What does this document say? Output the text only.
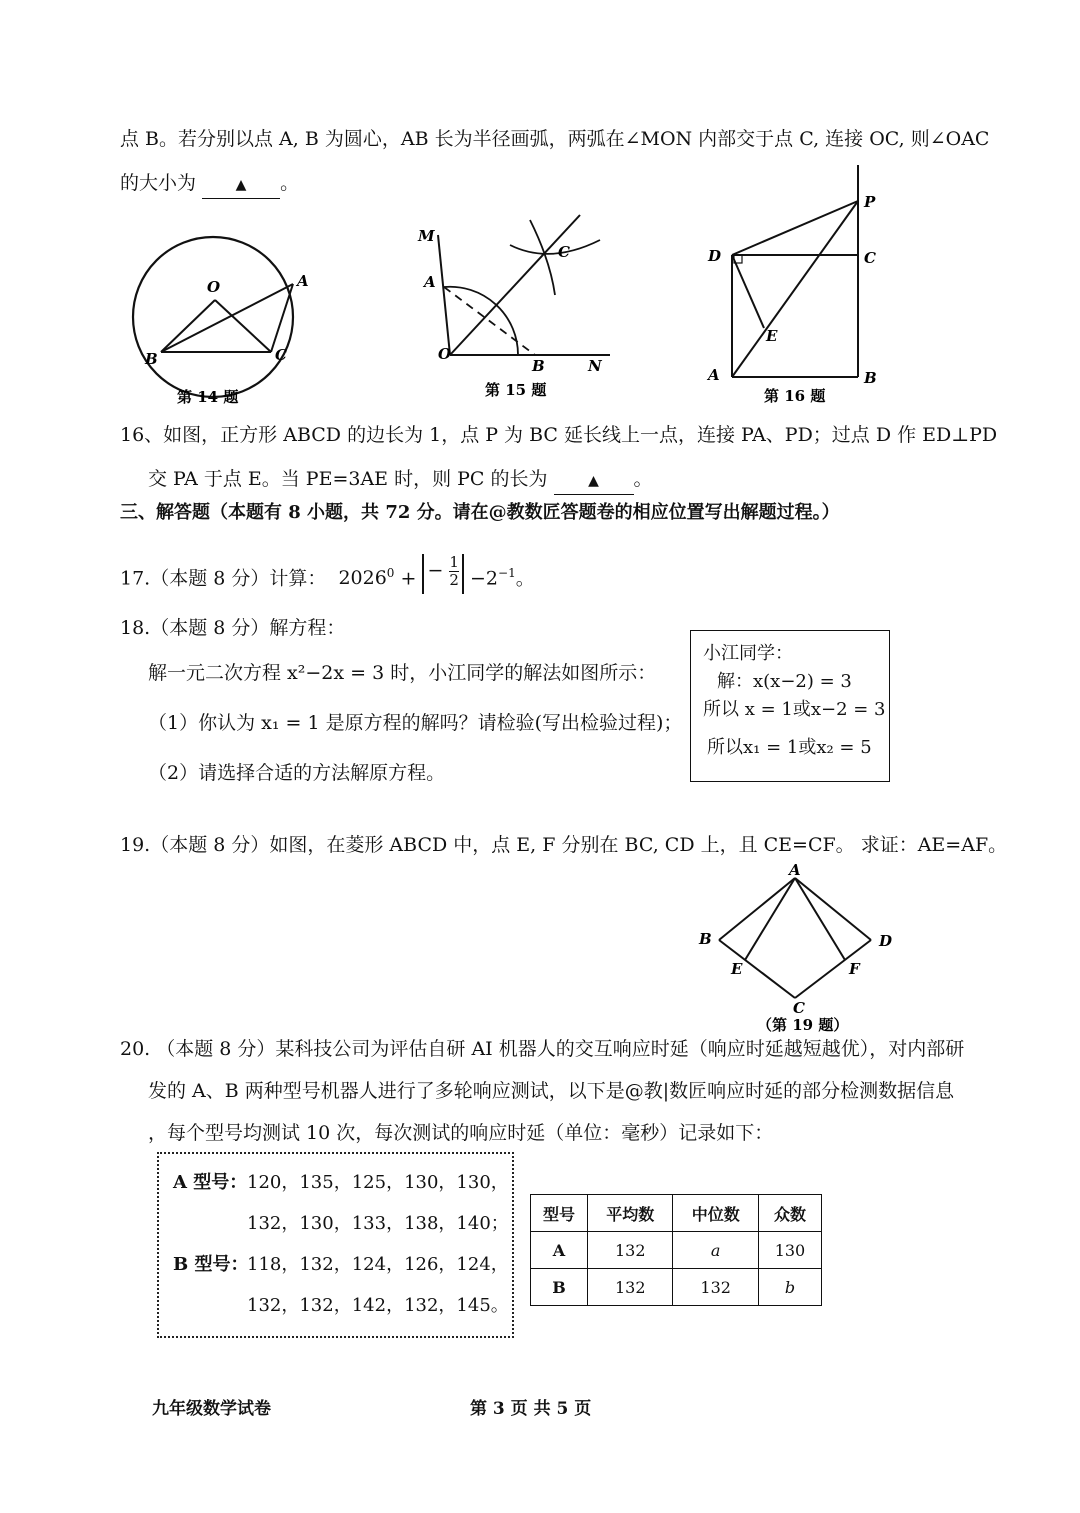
点 B。若分别以点 A, B 为圆心，AB 长为半径画弧，两弧在∠MON 内部交于点 C, 连接 OC, 则∠OAC
的大小为	▲ 。
O	A
B	C
第 14 题
M
A
C
O
B	N
第 15 题
D
P
C
E
A	B
第 16 题
16、如图，正方形 ABCD 的边长为 1，点 P 为 BC 延长线上一点，连接 PA、PD；过点 D 作 ED⊥PD
交 PA 于点 E。当 PE=3AE 时，则 PC 的长为	▲ 。
三、解答题（本题有 8 小题，共 72 分。请在@教数匠答题卷的相应位置写出解题过程。）
17.（本题 8 分）计算： $2026^0$ + − $\frac{1}{2} -2^{-1}$。
18.（本题 8 分）解方程：
解一元二次方程 x²−2x = 3 时，小江同学的解法如图所示：
（1）你认为 x₁ = 1 是原方程的解吗？请检验(写出检验过程)；
（2）请选择合适的方法解原方程。
小江同学：
解：x(x−2) = 3
所以 x = 1或x−2 = 3
所以x₁ = 1或x₂ = 5
19.（本题 8 分）如图，在菱形 ABCD 中，点 E, F 分别在 BC, CD 上，且 CE=CF。 求证：AE=AF。
A
B	D
E	F
C
（第 19 题）
20. （本题 8 分）某科技公司为评估自研 AI 机器人的交互响应时延（响应时延越短越优），对内部研
发的 A、B 两种型号机器人进行了多轮响应测试，以下是@教|数匠响应时延的部分检测数据信息
，每个型号均测试 10 次，每次测试的响应时延（单位：毫秒）记录如下：
A 型号： 120，135，125，130，130，
132，130，133，138，140；
B 型号：
118，132，124，126，124，
132，132，142，132，145。
型号	平均数	中位数	众数
A	132	a	130
B	132	132	b
九年级数学试卷	第 3 页 共 5 页
